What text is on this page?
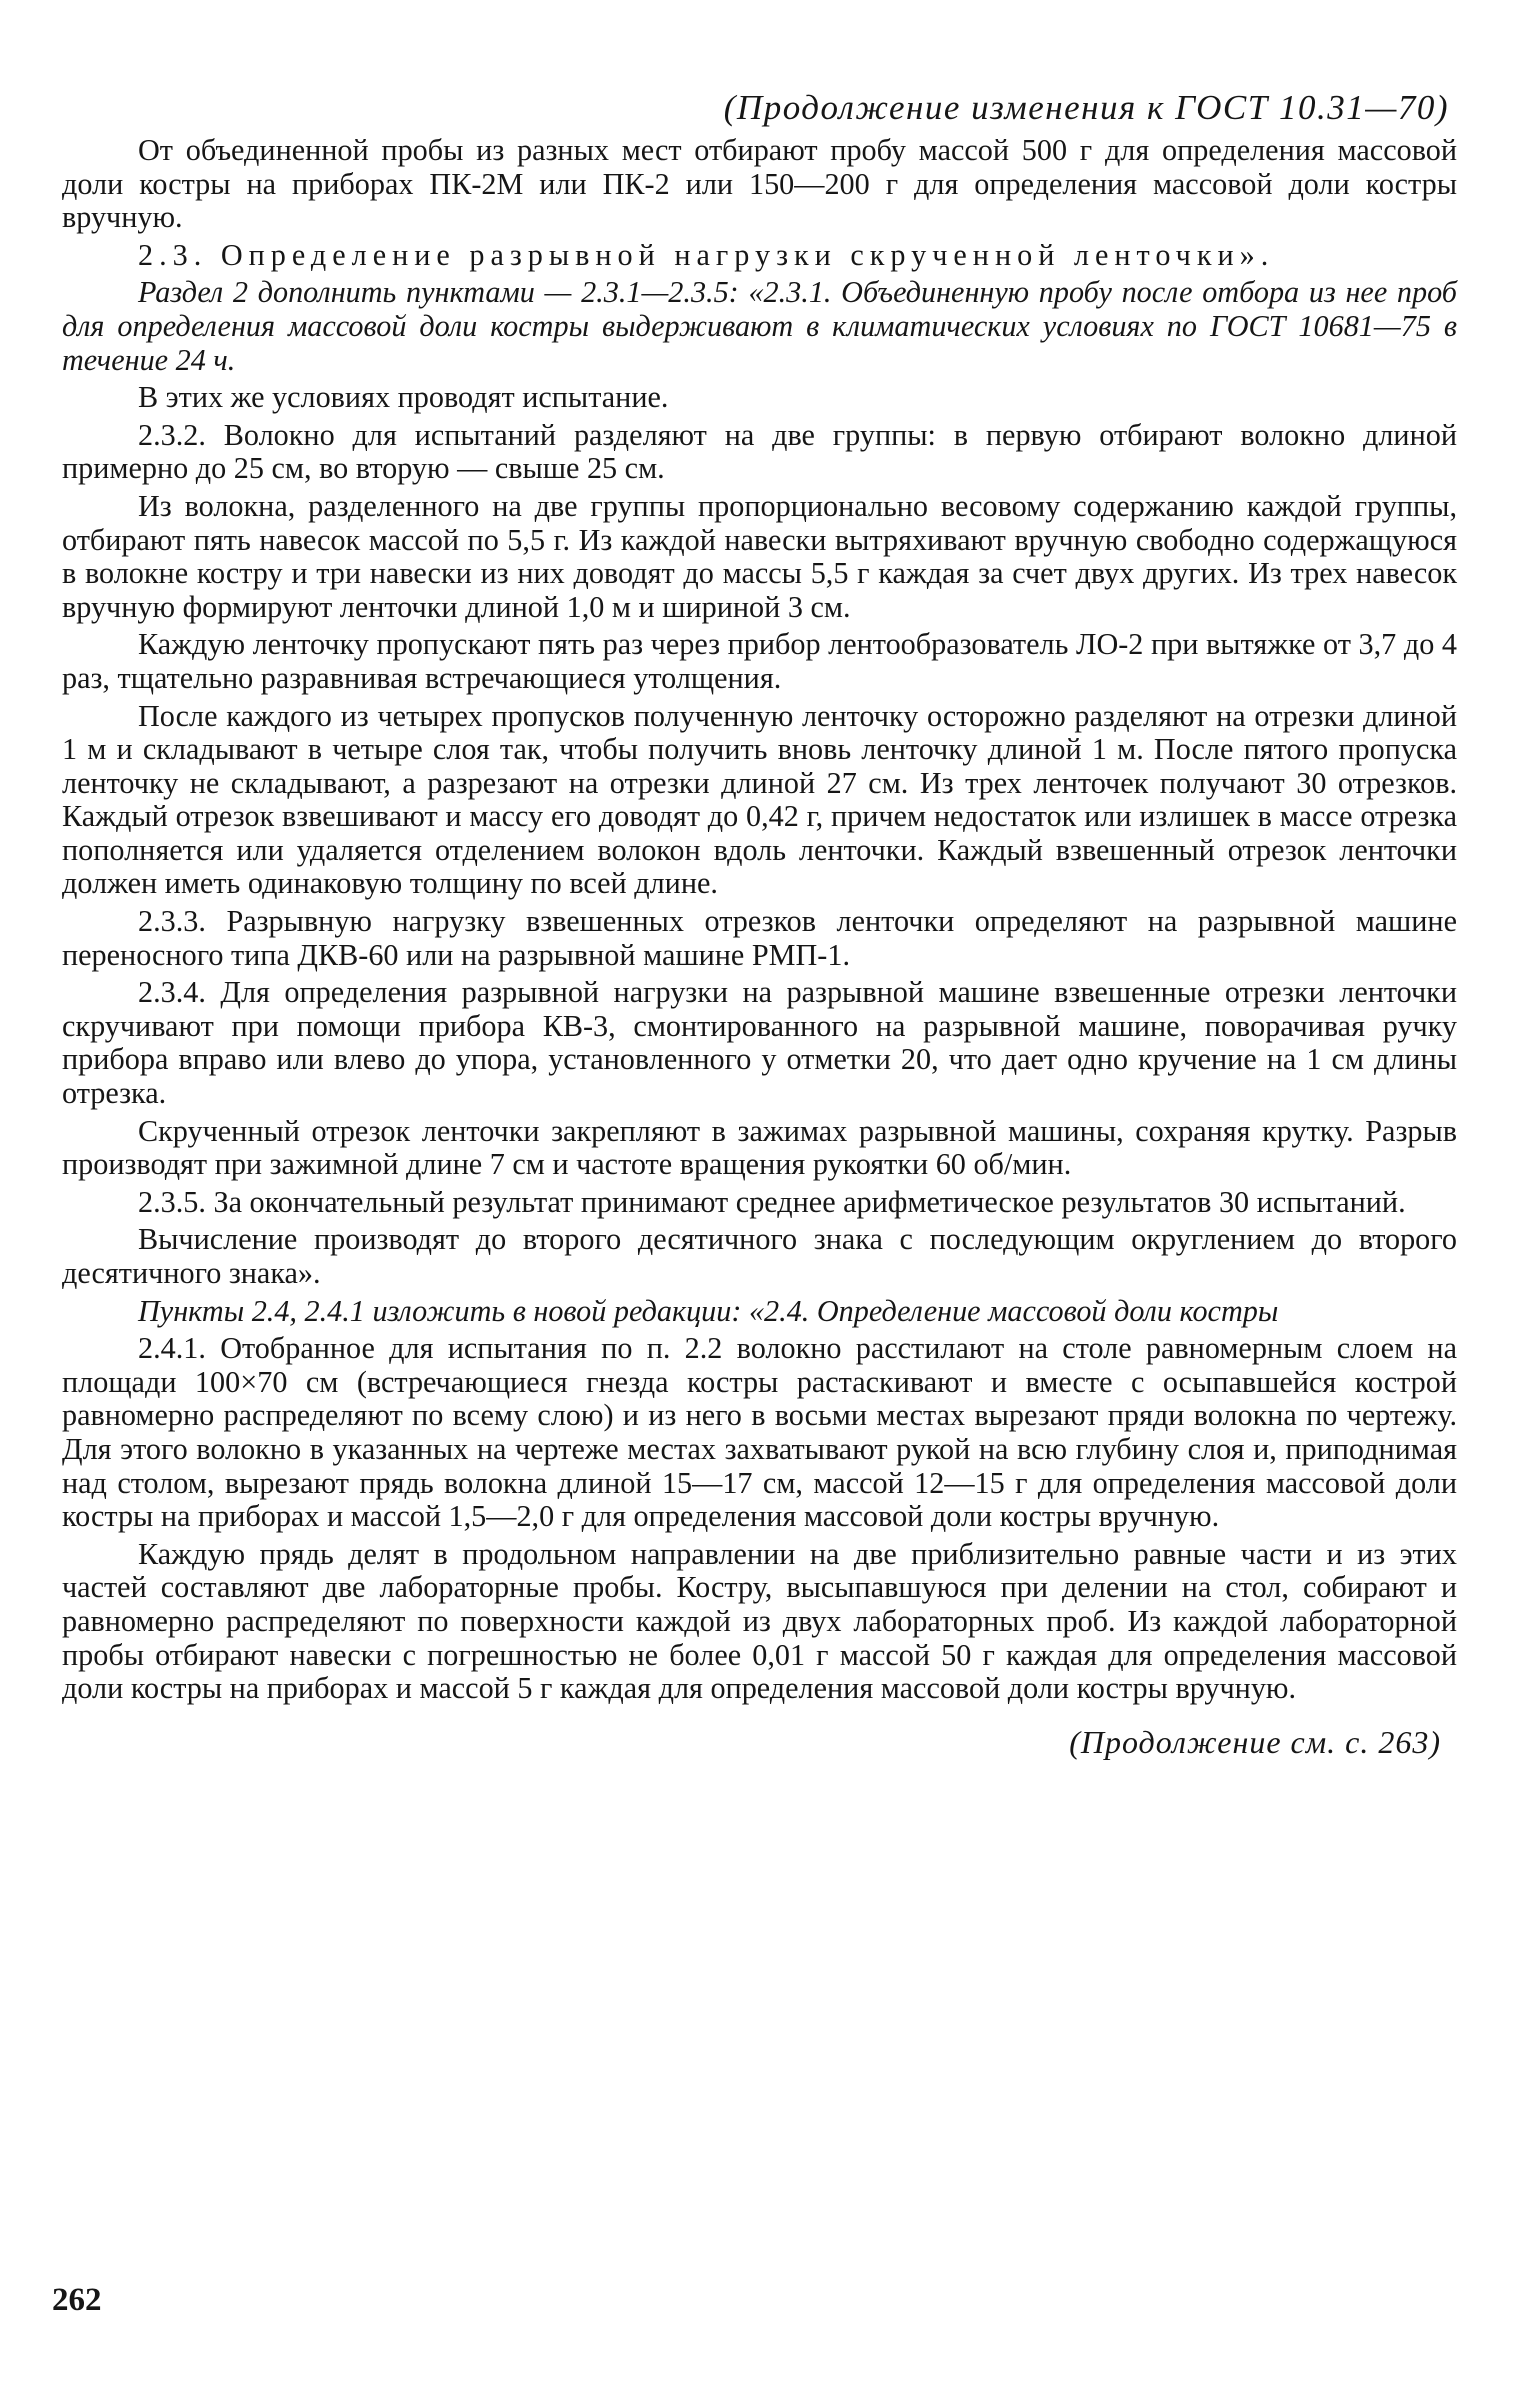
(Продолжение изменения к ГОСТ 10.31—70)

От объединенной пробы из разных мест отбирают пробу массой 500 г для определения массовой доли костры на приборах ПК-2М или ПК-2 или 150—200 г для определения массовой доли костры вручную.

2.3. Определение разрывной нагрузки скрученной ленточки».

Раздел 2 дополнить пунктами — 2.3.1—2.3.5: «2.3.1. Объединенную пробу после отбора из нее проб для определения массовой доли костры выдерживают в климатических условиях по ГОСТ 10681—75 в течение 24 ч.

В этих же условиях проводят испытание.

2.3.2. Волокно для испытаний разделяют на две группы: в первую отбирают волокно длиной примерно до 25 см, во вторую — свыше 25 см.

Из волокна, разделенного на две группы пропорционально весовому содержанию каждой группы, отбирают пять навесок массой по 5,5 г. Из каждой навески вытряхивают вручную свободно содержащуюся в волокне костру и три навески из них доводят до массы 5,5 г каждая за счет двух других. Из трех навесок вручную формируют ленточки длиной 1,0 м и шириной 3 см.

Каждую ленточку пропускают пять раз через прибор лентообразователь ЛО-2 при вытяжке от 3,7 до 4 раз, тщательно разравнивая встречающиеся утолщения.

После каждого из четырех пропусков полученную ленточку осторожно разделяют на отрезки длиной 1 м и складывают в четыре слоя так, чтобы получить вновь ленточку длиной 1 м. После пятого пропуска ленточку не складывают, а разрезают на отрезки длиной 27 см. Из трех ленточек получают 30 отрезков. Каждый отрезок взвешивают и массу его доводят до 0,42 г, причем недостаток или излишек в массе отрезка пополняется или удаляется отделением волокон вдоль ленточки. Каждый взвешенный отрезок ленточки должен иметь одинаковую толщину по всей длине.

2.3.3. Разрывную нагрузку взвешенных отрезков ленточки определяют на разрывной машине переносного типа ДКВ-60 или на разрывной машине РМП-1.

2.3.4. Для определения разрывной нагрузки на разрывной машине взвешенные отрезки ленточки скручивают при помощи прибора КВ-3, смонтированного на разрывной машине, поворачивая ручку прибора вправо или влево до упора, установленного у отметки 20, что дает одно кручение на 1 см длины отрезка.

Скрученный отрезок ленточки закрепляют в зажимах разрывной машины, сохраняя крутку. Разрыв производят при зажимной длине 7 см и частоте вращения рукоятки 60 об/мин.

2.3.5. За окончательный результат принимают среднее арифметическое результатов 30 испытаний.

Вычисление производят до второго десятичного знака с последующим округлением до второго десятичного знака».

Пункты 2.4, 2.4.1 изложить в новой редакции: «2.4. Определение массовой доли костры

2.4.1. Отобранное для испытания по п. 2.2 волокно расстилают на столе равномерным слоем на площади 100×70 см (встречающиеся гнезда костры растаскивают и вместе с осыпавшейся кострой равномерно распределяют по всему слою) и из него в восьми местах вырезают пряди волокна по чертежу. Для этого волокно в указанных на чертеже местах захватывают рукой на всю глубину слоя и, приподнимая над столом, вырезают прядь волокна длиной 15—17 см, массой 12—15 г для определения массовой доли костры на приборах и массой 1,5—2,0 г для определения массовой доли костры вручную.

Каждую прядь делят в продольном направлении на две приблизительно равные части и из этих частей составляют две лабораторные пробы. Костру, высыпавшуюся при делении на стол, собирают и равномерно распределяют по поверхности каждой из двух лабораторных проб. Из каждой лабораторной пробы отбирают навески с погрешностью не более 0,01 г массой 50 г каждая для определения массовой доли костры на приборах и массой 5 г каждая для определения массовой доли костры вручную.

(Продолжение см. с. 263)
262
